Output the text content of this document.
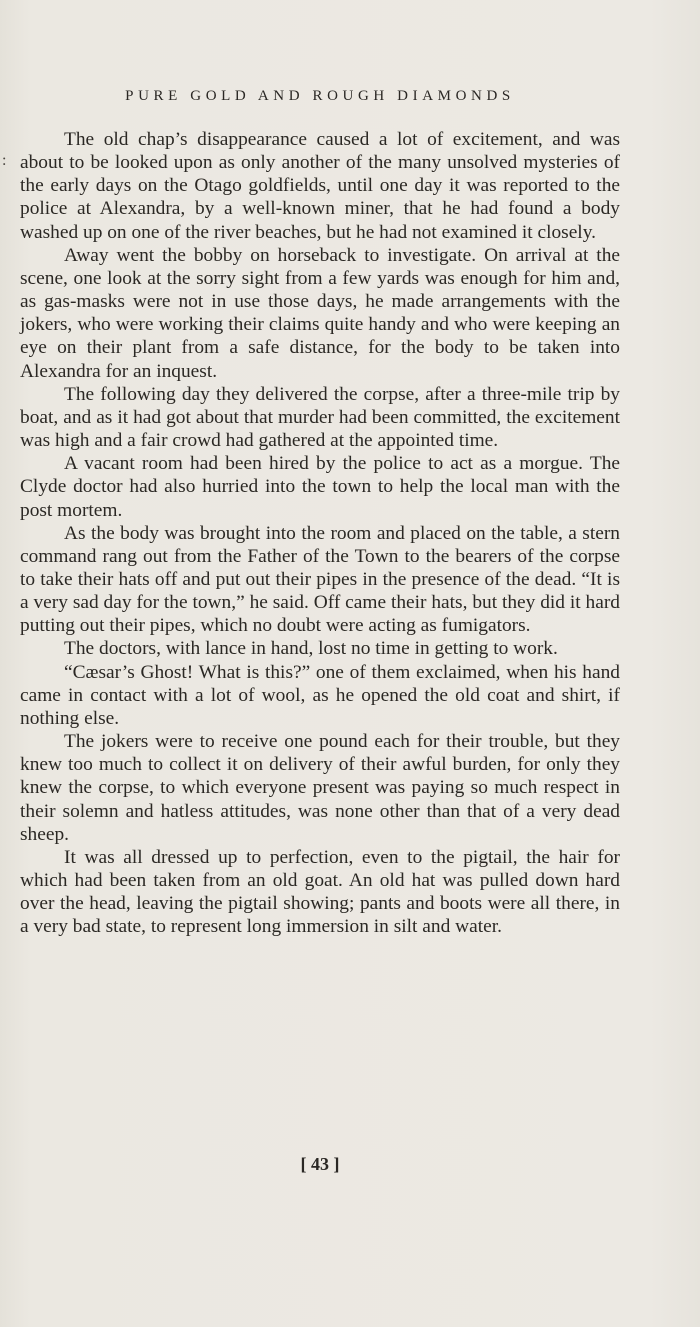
:
PURE GOLD AND ROUGH DIAMONDS

The old chap’s disappearance caused a lot of excitement, and was about to be looked upon as only another of the many unsolved mysteries of the early days on the Otago goldfields, until one day it was reported to the police at Alexandra, by a well-known miner, that he had found a body washed up on one of the river beaches, but he had not examined it closely.

Away went the bobby on horseback to investigate. On arrival at the scene, one look at the sorry sight from a few yards was enough for him and, as gas-masks were not in use those days, he made arrangements with the jokers, who were working their claims quite handy and who were keeping an eye on their plant from a safe distance, for the body to be taken into Alexandra for an inquest.

The following day they delivered the corpse, after a three-mile trip by boat, and as it had got about that murder had been committed, the excitement was high and a fair crowd had gathered at the appointed time.

A vacant room had been hired by the police to act as a morgue. The Clyde doctor had also hurried into the town to help the local man with the post mortem.

As the body was brought into the room and placed on the table, a stern command rang out from the Father of the Town to the bearers of the corpse to take their hats off and put out their pipes in the presence of the dead. “It is a very sad day for the town,” he said. Off came their hats, but they did it hard putting out their pipes, which no doubt were acting as fumigators.

The doctors, with lance in hand, lost no time in getting to work.

“Cæsar’s Ghost! What is this?” one of them exclaimed, when his hand came in contact with a lot of wool, as he opened the old coat and shirt, if nothing else.

The jokers were to receive one pound each for their trouble, but they knew too much to collect it on delivery of their awful burden, for only they knew the corpse, to which everyone present was paying so much respect in their solemn and hatless attitudes, was none other than that of a very dead sheep.

It was all dressed up to perfection, even to the pigtail, the hair for which had been taken from an old goat. An old hat was pulled down hard over the head, leaving the pigtail showing; pants and boots were all there, in a very bad state, to represent long immersion in silt and water.

[ 43 ]
